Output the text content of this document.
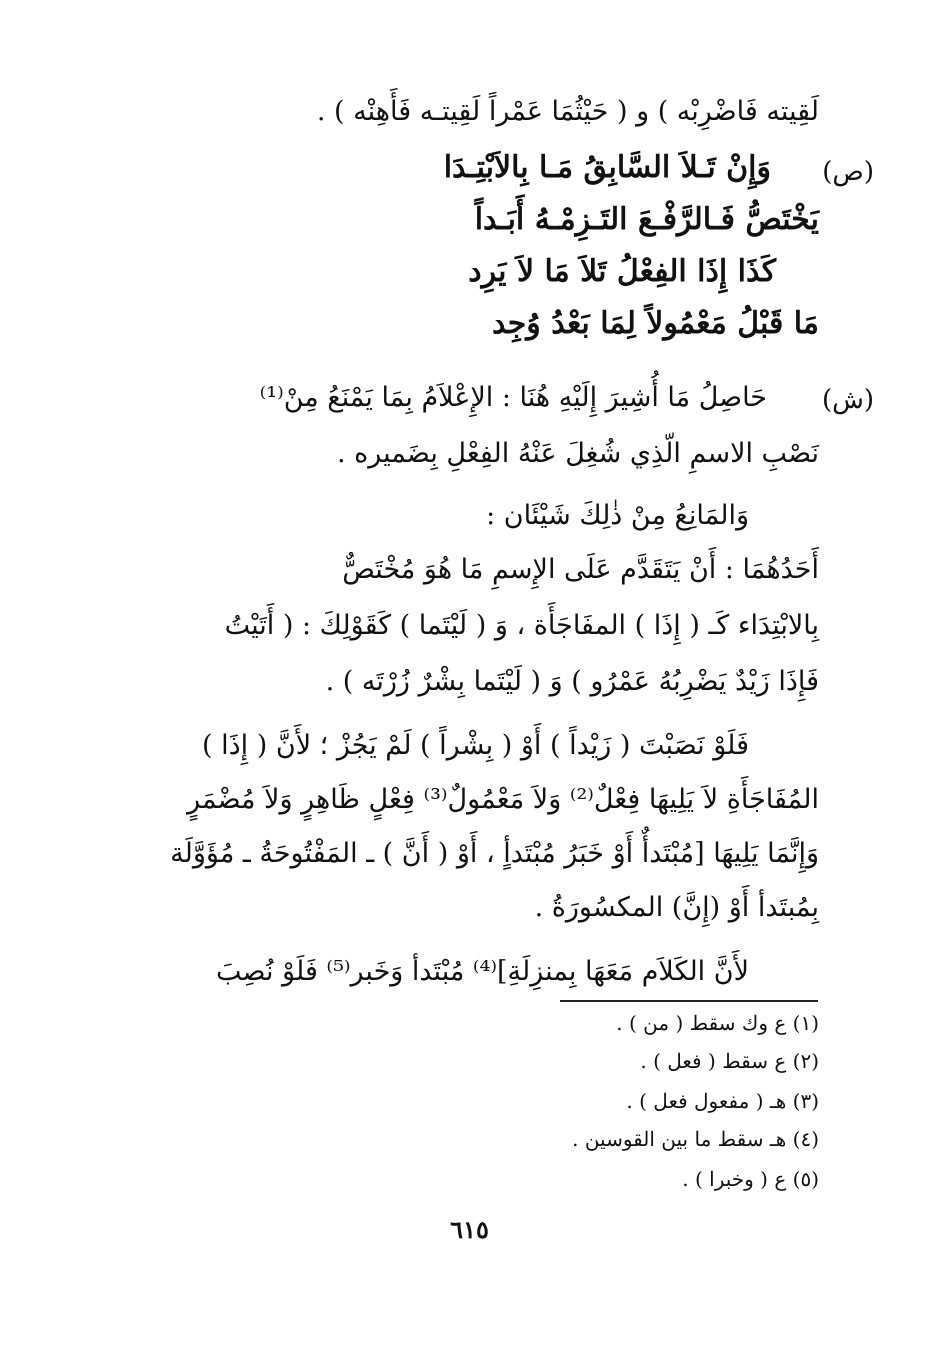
لَقِيته فَاضْرِبْه ) و ( حَيْثُمَا عَمْراً لَقِيتـه فَأَهِنْه ) .
(ص)
وَإِنْ تَـلاَ السَّابِقُ مَـا بِالاَبْتِـدَا
يَخْتَصُّ فَـالرَّفْـعَ التَـزِمْـهُ أَبَـداً
كَذَا إِذَا الفِعْلُ تَلاَ مَا لاَ يَرِد
مَا قَبْلُ مَعْمُولاً لِمَا بَعْدُ وُجِد
(ش)
حَاصِلُ مَا أُشِيرَ إِلَيْهِ هُنَا : الإِعْلاَمُ بِمَا يَمْنَعُ مِنْ⁽¹⁾
نَصْبِ الاسمِ الّذِي شُغِلَ عَنْهُ الفِعْلِ بِضَميره .
وَالمَانِعُ مِنْ ذٰلِكَ شَيْئَان :
أَحَدُهُمَا : أَنْ يَتَقَدَّم عَلَى الإِسمِ مَا هُوَ مُخْتَصٌّ
بِالابْتِدَاء كَـ ( إِذَا ) المفَاجَأَة ، وَ ( لَيْتَما ) كَقَوْلِكَ : ( أَتَيْتُ
فَإِذَا زَيْدٌ يَضْرِبُهُ عَمْرُو ) وَ ( لَيْتَما بِشْرٌ زُرْتَه ) .
فَلَوْ نَصَبْتَ ( زَيْداً ) أَوْ ( بِشْراً ) لَمْ يَجُزْ ؛ لأَنَّ ( إِذَا )
المُفَاجَأَةِ لاَ يَلِيهَا فِعْلٌ⁽²⁾ وَلاَ مَعْمُولٌ⁽³⁾ فِعْلٍ ظَاهِرٍ وَلاَ مُضْمَرٍ
وَإِنَّمَا يَلِيهَا [مُبْتَدأٌ أَوْ خَبَرُ مُبْتَدأٍ ، أَوْ ( أَنَّ ) ـ المَفْتُوحَةُ ـ مُؤَوَّلَة
بِمُبتَدأ أَوْ (إِنَّ) المكسُورَةُ .
لأَنَّ الكَلاَم مَعَهَا بِمنزِلَةِ]⁽⁴⁾ مُبْتَدأ وَخَبر⁽⁵⁾ فَلَوْ نُصِبَ
(١) ع وك سقط ( من ) .
(٢) ع سقط ( فعل ) .
(٣) هـ ( مفعول فعل ) .
(٤) هـ سقط ما بين القوسين .
(٥) ع ( وخبرا ) .
٦١٥
